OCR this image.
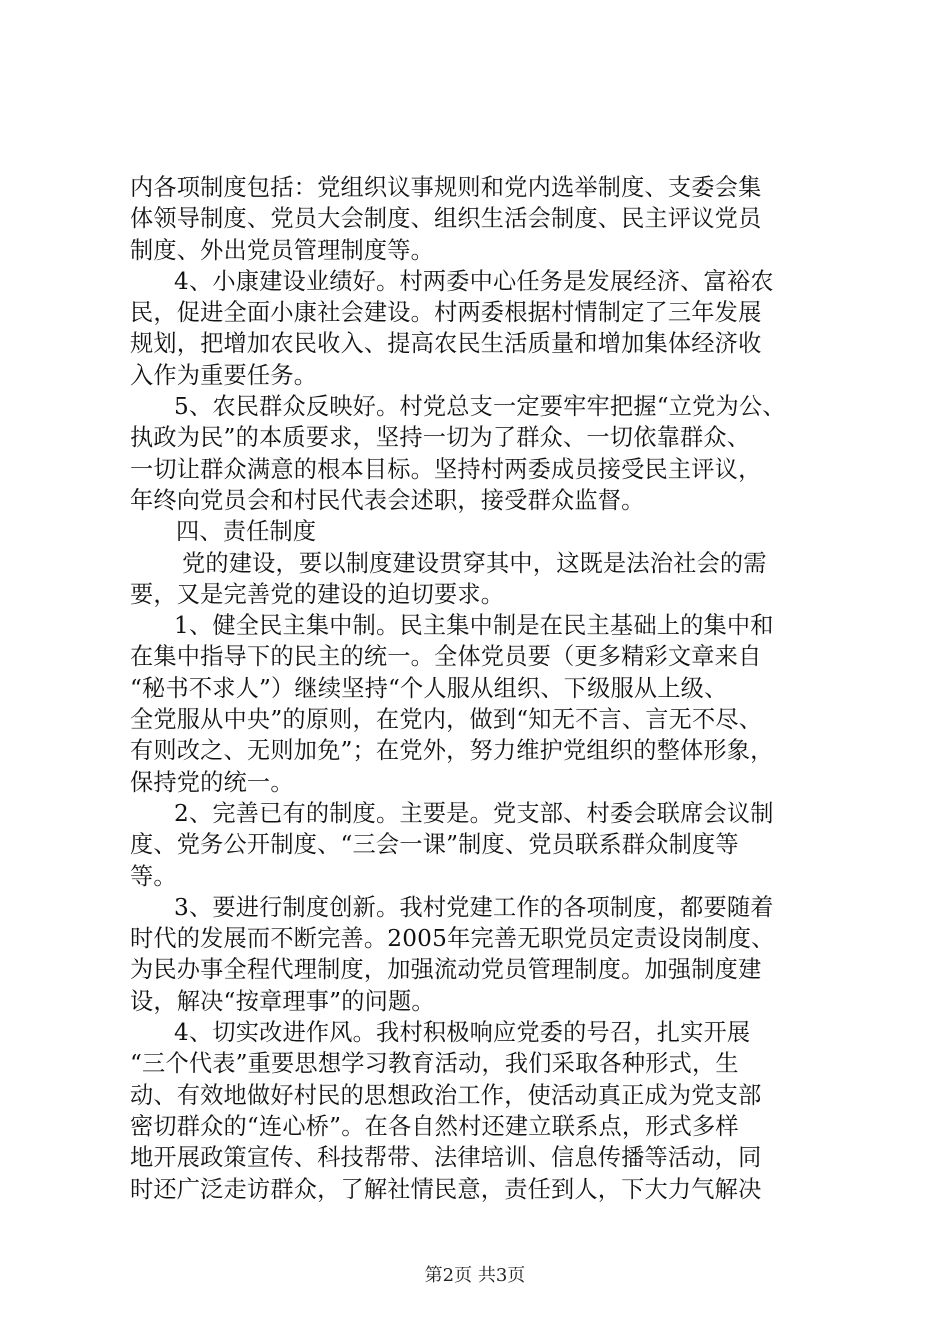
内各项制度包括：党组织议事规则和党内选举制度、支委会集
体领导制度、党员大会制度、组织生活会制度、民主评议党员
制度、外出党员管理制度等。
4、小康建设业绩好。村两委中心任务是发展经济、富裕农
民，促进全面小康社会建设。村两委根据村情制定了三年发展
规划，把增加农民收入、提高农民生活质量和增加集体经济收
入作为重要任务。
5、农民群众反映好。村党总支一定要牢牢把握“立党为公、
执政为民”的本质要求，坚持一切为了群众、一切依靠群众、
一切让群众满意的根本目标。坚持村两委成员接受民主评议，
年终向党员会和村民代表会述职，接受群众监督。
四、责任制度
党的建设，要以制度建设贯穿其中，这既是法治社会的需
要，又是完善党的建设的迫切要求。
1、健全民主集中制。民主集中制是在民主基础上的集中和
在集中指导下的民主的统一。全体党员要（更多精彩文章来自
“秘书不求人”）继续坚持“个人服从组织、下级服从上级、
全党服从中央”的原则，在党内，做到“知无不言、言无不尽、
有则改之、无则加免”；在党外，努力维护党组织的整体形象，
保持党的统一。
2、完善已有的制度。主要是。党支部、村委会联席会议制
度、党务公开制度、“三会一课”制度、党员联系群众制度等
等。
3、要进行制度创新。我村党建工作的各项制度，都要随着
时代的发展而不断完善。2005年完善无职党员定责设岗制度、
为民办事全程代理制度，加强流动党员管理制度。加强制度建
设，解决“按章理事”的问题。
4、切实改进作风。我村积极响应党委的号召，扎实开展
“三个代表”重要思想学习教育活动，我们采取各种形式，生
动、有效地做好村民的思想政治工作，使活动真正成为党支部
密切群众的“连心桥”。在各自然村还建立联系点，形式多样
地开展政策宣传、科技帮带、法律培训、信息传播等活动，同
时还广泛走访群众，了解社情民意，责任到人，下大力气解决
第2页 共3页
